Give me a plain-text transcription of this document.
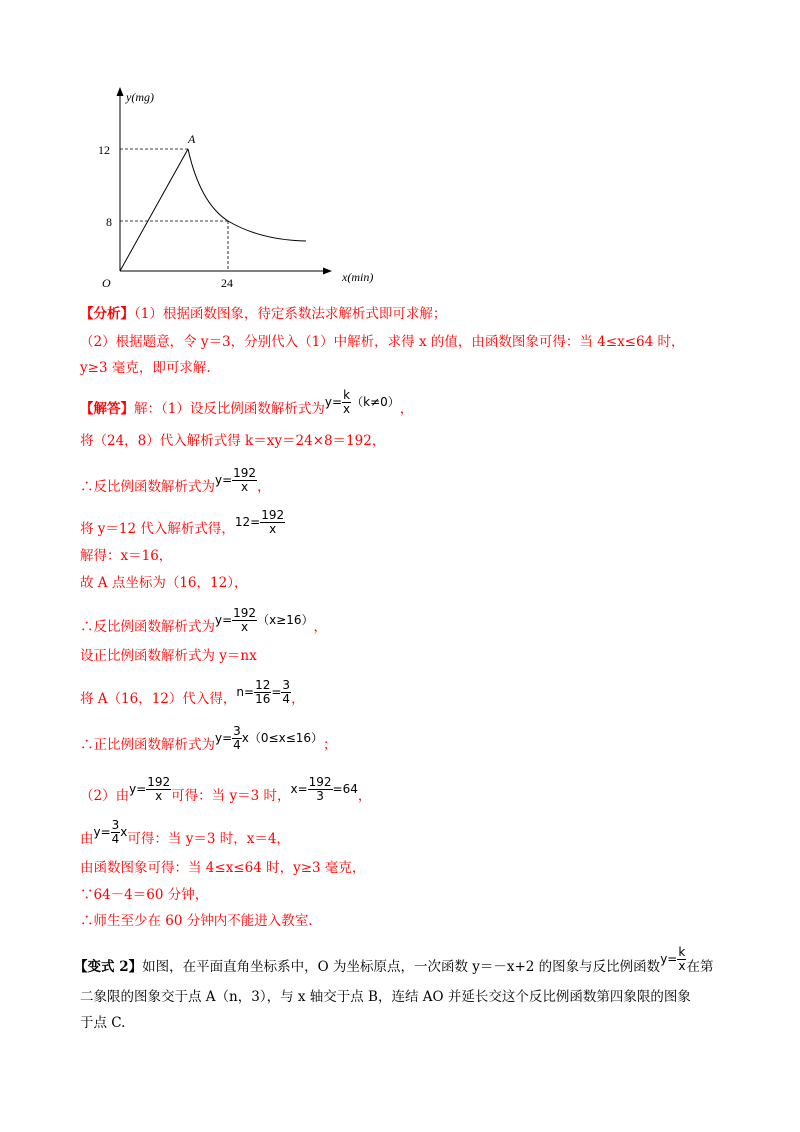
y(mg)
x(min)
O
A
12
8
24
【分析】（1）根据函数图象，待定系数法求解析式即可求解；
（2）根据题意，令 y＝3，分别代入（1）中解析，求得 x 的值，由函数图象可得：当 4≤x≤64 时，
y≥3 毫克，即可求解.
【解答】解：（1）设反比例函数解析式为$y= \frac{k}{x} (k\ne 0)$，
将（24，8）代入解析式得 k＝xy＝24×8＝192，
∴反比例函数解析式为$y= \frac{192}{x}$ ，
将 y＝12 代入解析式得，$12= \frac{192}{x}$
解得：x＝16，
故 A 点坐标为（16，12），
∴反比例函数解析式为$y= \frac{192}{x} (x\ge 16)$，
设正比例函数解析式为 y＝nx
将 A（16，12）代入得，$n= \frac{12}{16} = \frac{3}{4}$ ，
∴正比例函数解析式为$y= \frac{3}{4} x(0\le x\le 16)$；
（2）由$y= \frac{192}{x}$ 可得：当 y＝3 时，$x= \frac{192}{3} =64$，
由$y= \frac{3}{4}$ x可得：当 y＝3 时，x＝4，
由函数图象可得：当 4≤x≤64 时，y≥3 毫克，
∵64－4＝60 分钟，
∴师生至少在 60 分钟内不能进入教室.
【变式 2】如图，在平面直角坐标系中，O 为坐标原点，一次函数 y＝－x+2 的图象与反比例函数$y= \frac{k}{x}$ 在第
二象限的图象交于点 A（n，3），与 x 轴交于点 B，连结 AO 并延长交这个反比例函数第四象限的图象
于点 C.
